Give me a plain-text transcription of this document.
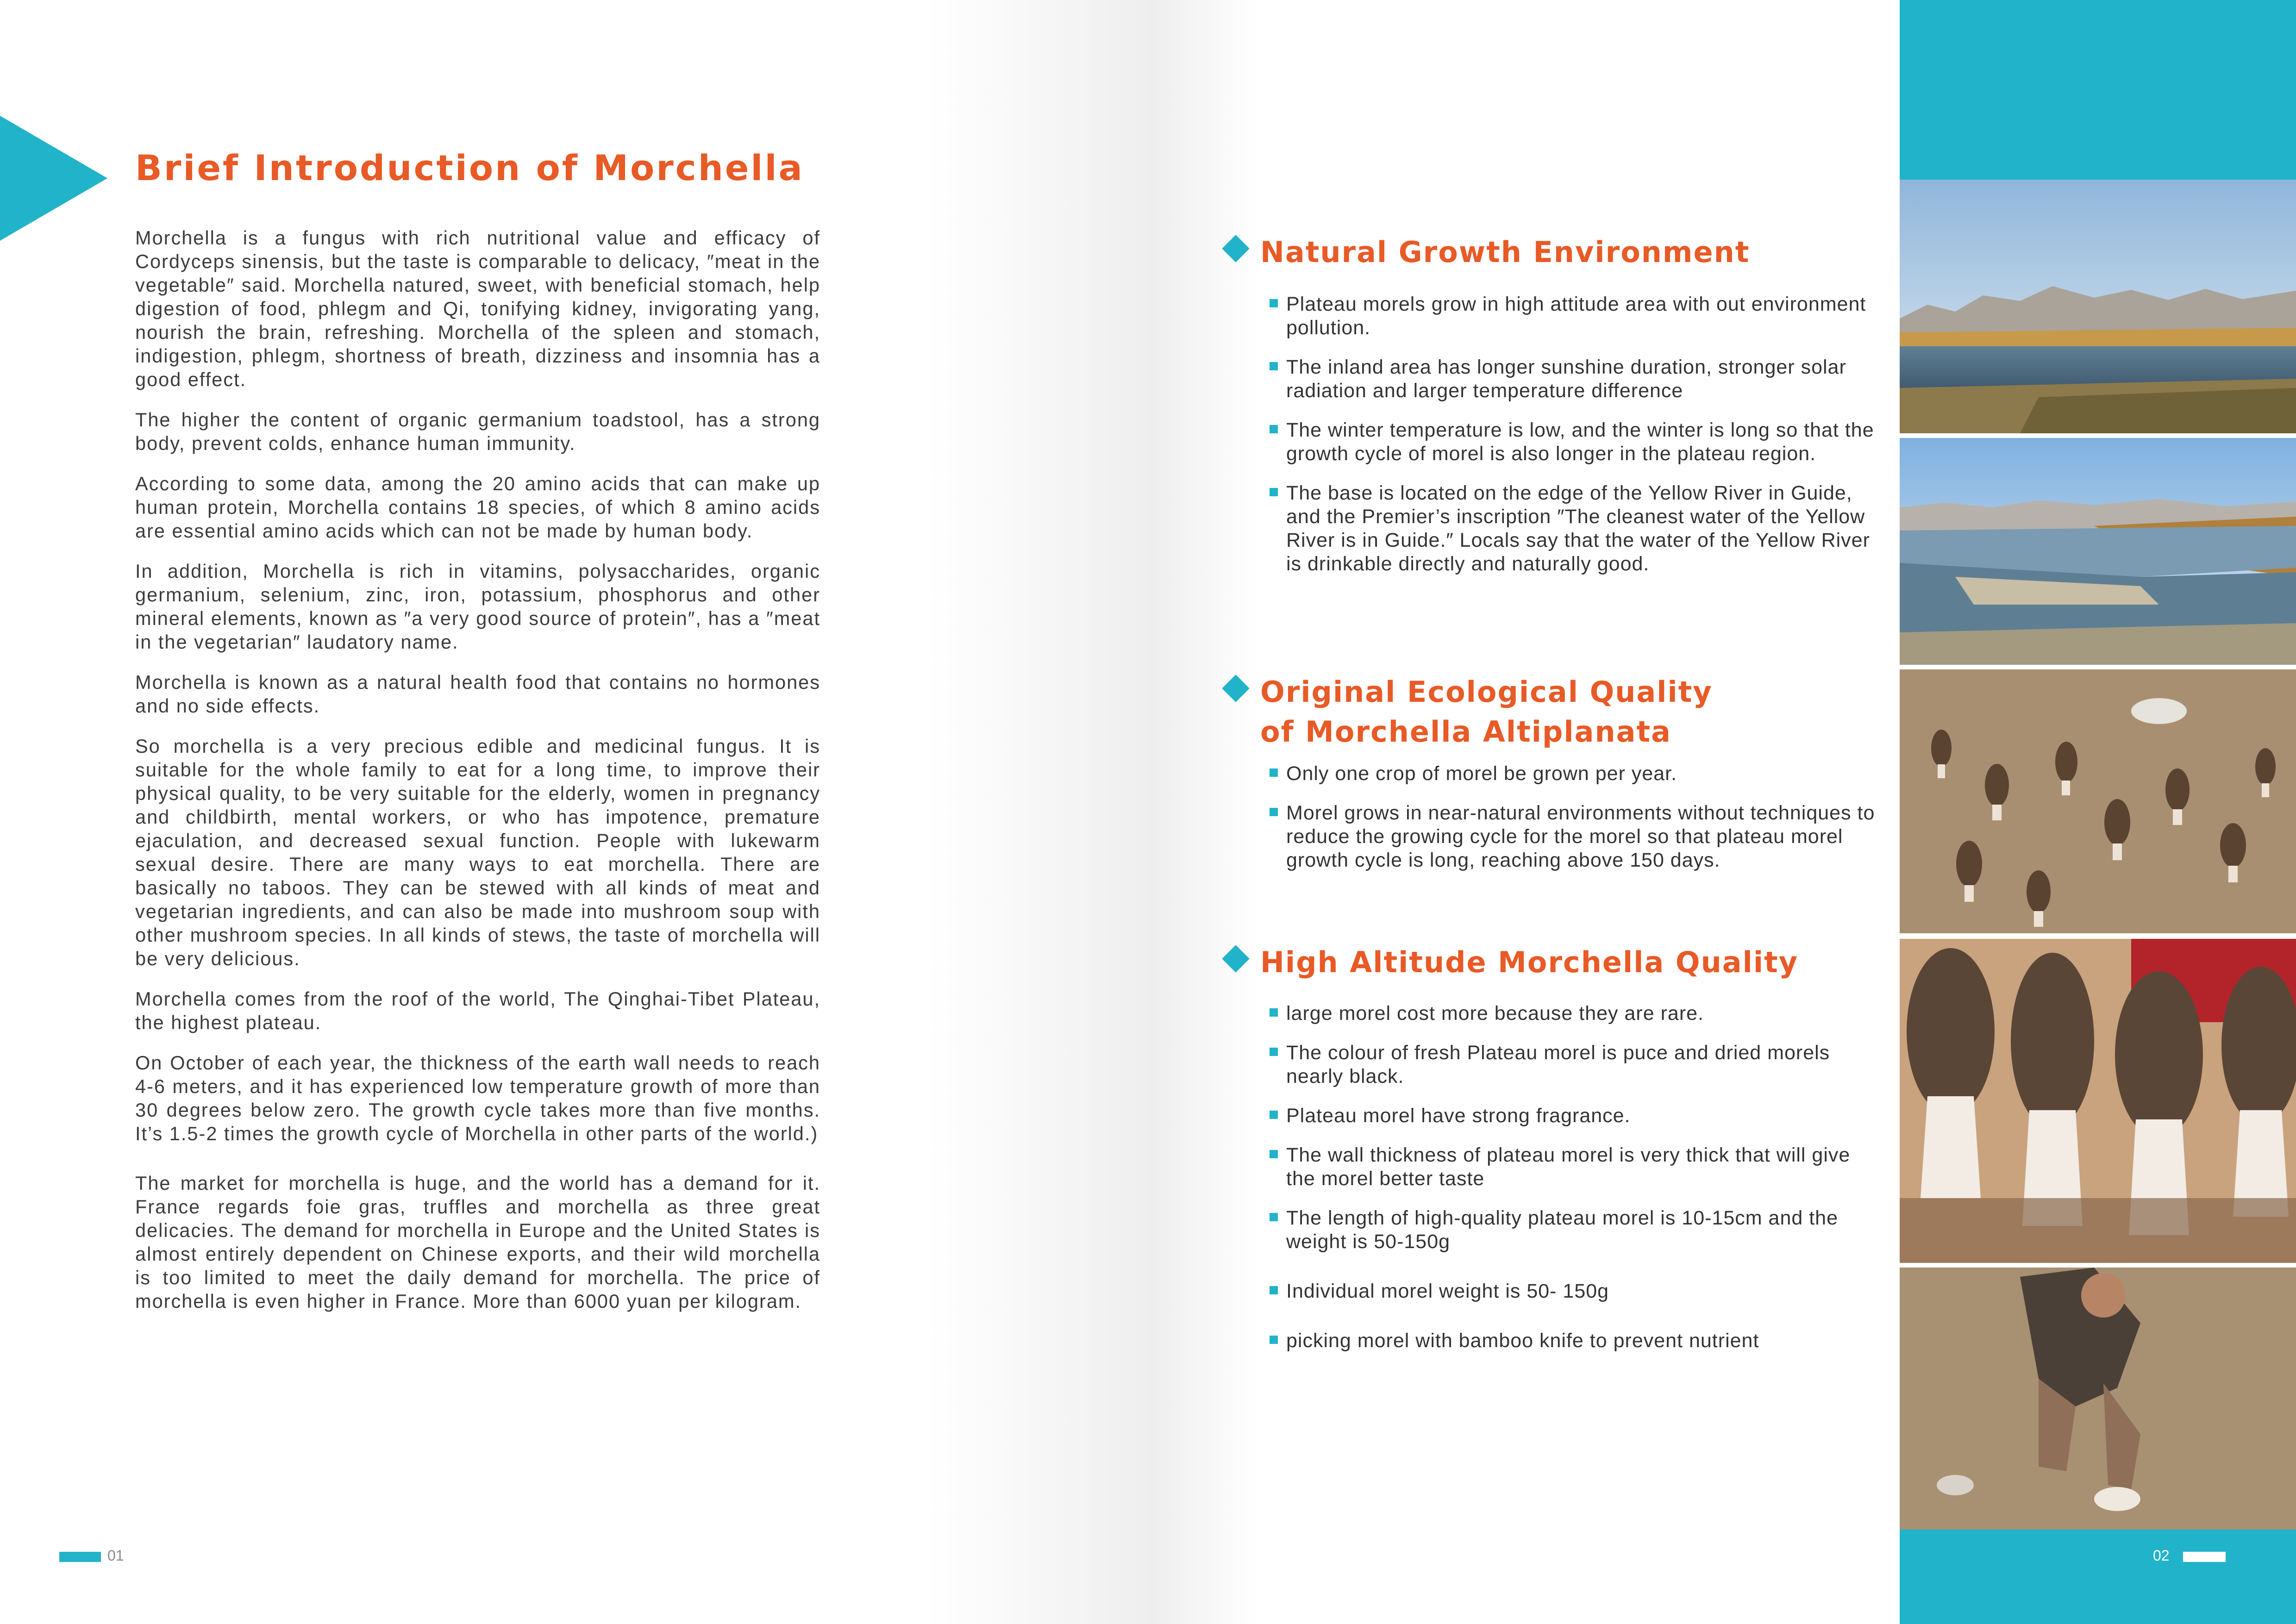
Brief Introduction of Morchella

Morchella is a fungus with rich nutritional value and efficacy of Cordyceps sinensis, but the taste is comparable to delicacy, ″meat in the vegetable″ said. Morchella natured, sweet, with beneficial stomach, help digestion of food, phlegm and Qi, tonifying kidney, invigorating yang, nourish the brain, refreshing. Morchella of the spleen and stomach, indigestion, phlegm, shortness of breath, dizziness and insomnia has a good effect.

The higher the content of organic germanium toadstool, has a strong body, prevent colds, enhance human immunity.

According to some data, among the 20 amino acids that can make up human protein, Morchella contains 18 species, of which 8 amino acids are essential amino acids which can not be made by human body.

In addition, Morchella is rich in vitamins, polysaccharides, organic germanium, selenium, zinc, iron, potassium, phosphorus and other mineral elements, known as ″a very good source of protein″, has a ″meat in the vegetarian″ laudatory name.

Morchella is known as a natural health food that contains no hormones and no side effects.

So morchella is a very precious edible and medicinal fungus. It is suitable for the whole family to eat for a long time, to improve their physical quality, to be very suitable for the elderly, women in pregnancy and childbirth, mental workers, or who has impotence, premature ejaculation, and decreased sexual function. People with lukewarm sexual desire. There are many ways to eat morchella. There are basically no taboos. They can be stewed with all kinds of meat and vegetarian ingredients, and can also be made into mushroom soup with other mushroom species. In all kinds of stews, the taste of morchella will be very delicious.

Morchella comes from the roof of the world, The Qinghai-Tibet Plateau, the highest plateau.

On October of each year, the thickness of the earth wall needs to reach 4-6 meters, and it has experienced low temperature growth of more than 30 degrees below zero. The growth cycle takes more than five months. It’s 1.5-2 times the growth cycle of Morchella in other parts of the world.)

The market for morchella is huge, and the world has a demand for it. France regards foie gras, truffles and morchella as three great delicacies. The demand for morchella in Europe and the United States is almost entirely dependent on Chinese exports, and their wild morchella is too limited to meet the daily demand for morchella. The price of morchella is even higher in France. More than 6000 yuan per kilogram.

01
Natural Growth Environment
Plateau morels grow in high attitude area with out environment pollution.
The inland area has longer sunshine duration, stronger solar radiation and larger temperature difference
The winter temperature is low, and the winter is long so that the growth cycle of morel is also longer in the plateau region.
The base is located on the edge of the Yellow River in Guide, and the Premier’s inscription ″The cleanest water of the Yellow River is in Guide.″ Locals say that the water of the Yellow River is drinkable directly and naturally good.
Original Ecological Quality of Morchella Altiplanata
Only one crop of morel be grown per year.
Morel grows in near-natural environments without techniques to reduce the growing cycle for the morel so that plateau morel growth cycle is long, reaching above 150 days.
High Altitude Morchella Quality
large morel cost more because they are rare.
The colour of fresh Plateau morel is puce and dried morels nearly black.
Plateau morel have strong fragrance.
The wall thickness of plateau morel is very thick that will give the morel better taste
The length of high-quality plateau morel is 10-15cm and the weight is 50-150g
Individual morel weight is 50- 150g
picking morel with bamboo knife to prevent nutrient
02
